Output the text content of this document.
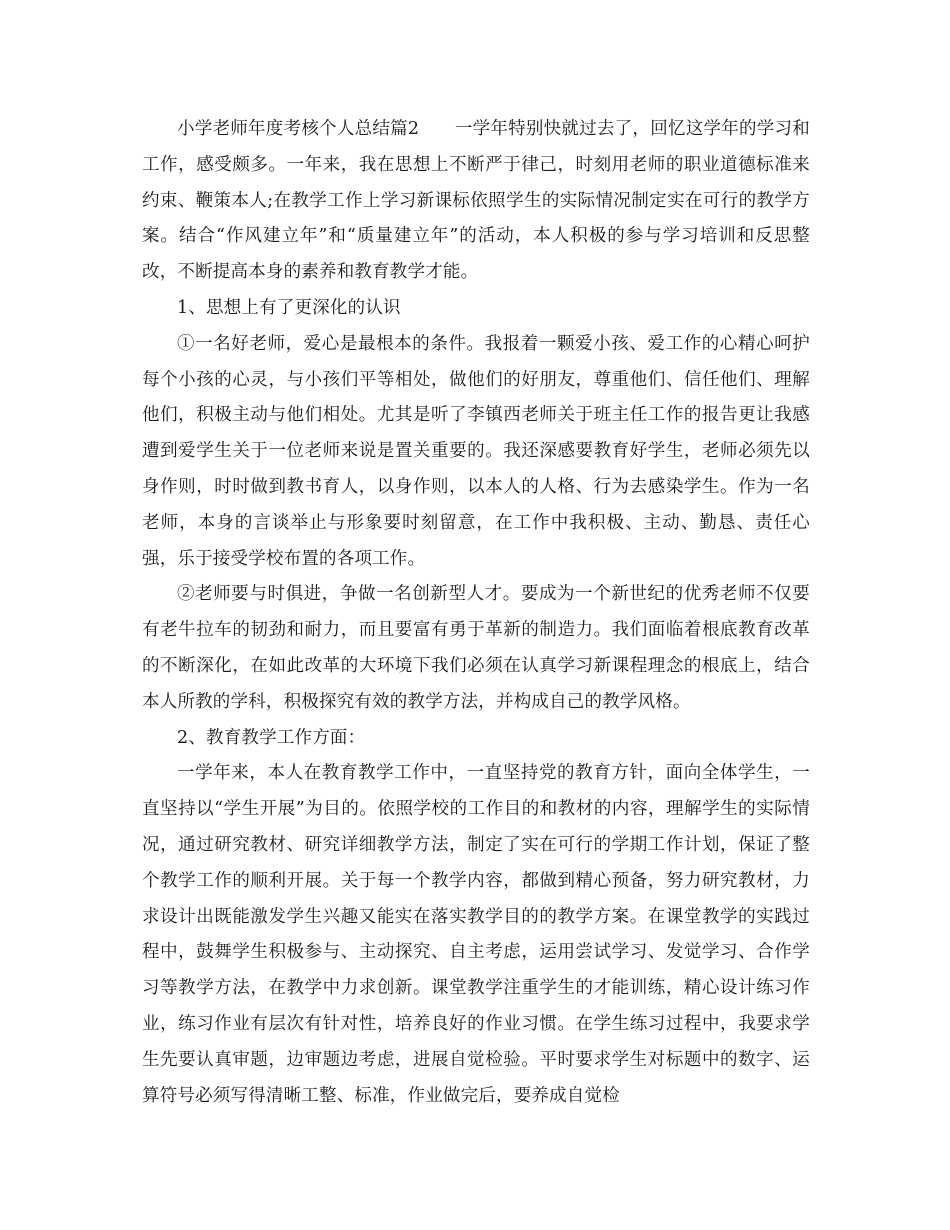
小学老师年度考核个人总结篇2　　一学年特别快就过去了，回忆这学年的学习和工作，感受颇多。一年来，我在思想上不断严于律己，时刻用老师的职业道德标准来约束、鞭策本人;在教学工作上学习新课标依照学生的实际情况制定实在可行的教学方案。结合“作风建立年”和“质量建立年”的活动，本人积极的参与学习培训和反思整改，不断提高本身的素养和教育教学才能。

1、思想上有了更深化的认识

①一名好老师，爱心是最根本的条件。我报着一颗爱小孩、爱工作的心精心呵护每个小孩的心灵，与小孩们平等相处，做他们的好朋友，尊重他们、信任他们、理解他们，积极主动与他们相处。尤其是听了李镇西老师关于班主任工作的报告更让我感遭到爱学生关于一位老师来说是置关重要的。我还深感要教育好学生，老师必须先以身作则，时时做到教书育人，以身作则，以本人的人格、行为去感染学生。作为一名老师，本身的言谈举止与形象要时刻留意，在工作中我积极、主动、勤恳、责任心强，乐于接受学校布置的各项工作。

②老师要与时俱进，争做一名创新型人才。要成为一个新世纪的优秀老师不仅要有老牛拉车的韧劲和耐力，而且要富有勇于革新的制造力。我们面临着根底教育改革的不断深化，在如此改革的大环境下我们必须在认真学习新课程理念的根底上，结合本人所教的学科，积极探究有效的教学方法，并构成自己的教学风格。

2、教育教学工作方面：

一学年来，本人在教育教学工作中，一直坚持党的教育方针，面向全体学生，一直坚持以“学生开展”为目的。依照学校的工作目的和教材的内容，理解学生的实际情况，通过研究教材、研究详细教学方法，制定了实在可行的学期工作计划，保证了整个教学工作的顺利开展。关于每一个教学内容，都做到精心预备，努力研究教材，力求设计出既能激发学生兴趣又能实在落实教学目的的教学方案。在课堂教学的实践过程中，鼓舞学生积极参与、主动探究、自主考虑，运用尝试学习、发觉学习、合作学习等教学方法，在教学中力求创新。课堂教学注重学生的才能训练，精心设计练习作业，练习作业有层次有针对性，培养良好的作业习惯。在学生练习过程中，我要求学生先要认真审题，边审题边考虑，进展自觉检验。平时要求学生对标题中的数字、运算符号必须写得清晰工整、标准，作业做完后，要养成自觉检
